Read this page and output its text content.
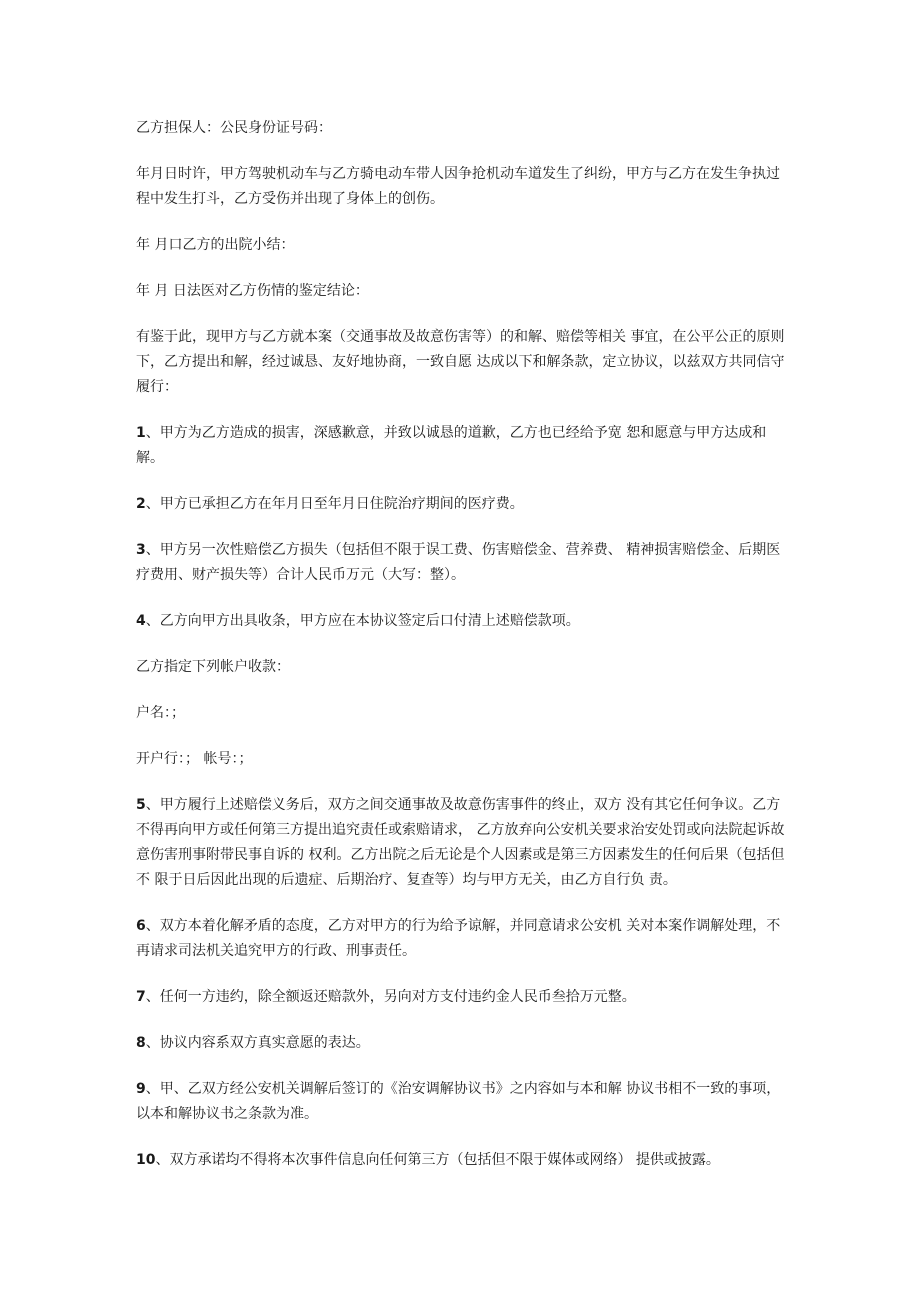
乙方担保人：公民身份证号码：

年月日时许，甲方驾驶机动车与乙方骑电动车带人因争抢机动车道发生了纠纷，甲方与乙方在发生争执过程中发生打斗，乙方受伤并出现了身体上的创伤。

年 月口乙方的出院小结：

年 月 日法医对乙方伤情的鉴定结论：

有鉴于此，现甲方与乙方就本案（交通事故及故意伤害等）的和解、赔偿等相关 事宜，在公平公正的原则下，乙方提出和解，经过诚恳、友好地协商，一致自愿 达成以下和解条款，定立协议，以兹双方共同信守履行：

1、甲方为乙方造成的损害，深感歉意，并致以诚恳的道歉，乙方也已经给予宽 恕和愿意与甲方达成和解。

2、甲方已承担乙方在年月日至年月日住院治疗期间的医疗费。

3、甲方另一次性赔偿乙方损失（包括但不限于误工费、伤害赔偿金、营养费、 精神损害赔偿金、后期医疗费用、财产损失等）合计人民币万元（大写：整）。

4、乙方向甲方出具收条，甲方应在本协议签定后口付清上述赔偿款项。

乙方指定下列帐户收款：

户名：；

开户行：； 帐号：；

5、甲方履行上述赔偿义务后，双方之间交通事故及故意伤害事件的终止，双方 没有其它任何争议。乙方不得再向甲方或任何第三方提出追究责任或索赔请求， 乙方放弃向公安机关要求治安处罚或向法院起诉故意伤害刑事附带民事自诉的 权利。乙方出院之后无论是个人因素或是第三方因素发生的任何后果（包括但不 限于日后因此出现的后遗症、后期治疗、复查等）均与甲方无关，由乙方自行负 责。

6、双方本着化解矛盾的态度，乙方对甲方的行为给予谅解，并同意请求公安机 关对本案作调解处理，不再请求司法机关追究甲方的行政、刑事责任。

7、任何一方违约，除全额返还赔款外，另向对方支付违约金人民币叁拾万元整。

8、协议内容系双方真实意愿的表达。

9、甲、乙双方经公安机关调解后签订的《治安调解协议书》之内容如与本和解 协议书相不一致的事项，以本和解协议书之条款为准。

10、双方承诺均不得将本次事件信息向任何第三方（包括但不限于媒体或网络） 提供或披露。
